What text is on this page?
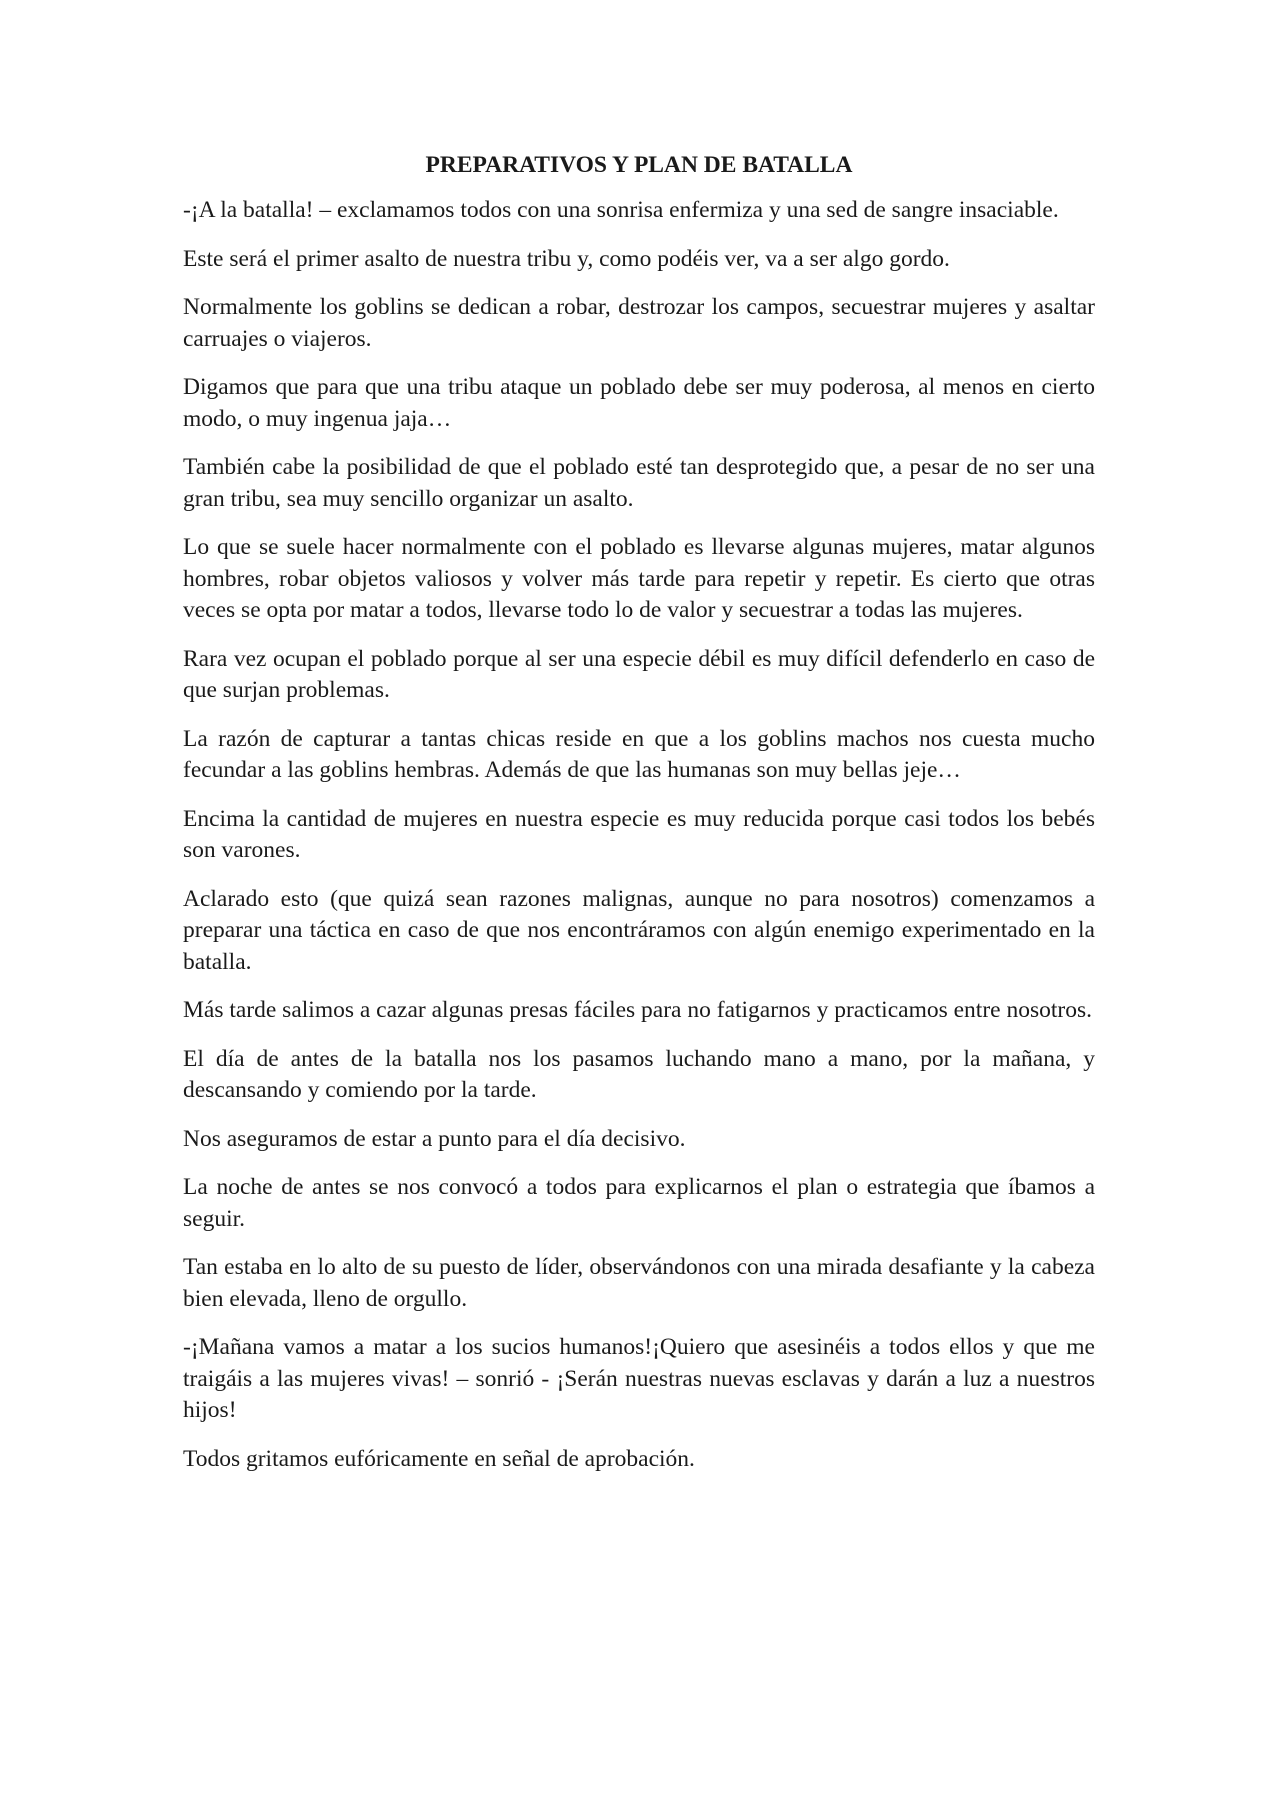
PREPARATIVOS Y PLAN DE BATALLA

-¡A la batalla! – exclamamos todos con una sonrisa enfermiza y una sed de sangre insaciable.

Este será el primer asalto de nuestra tribu y, como podéis ver, va a ser algo gordo.

Normalmente los goblins se dedican a robar, destrozar los campos, secuestrar mujeres y asaltar carruajes o viajeros.

Digamos que para que una tribu ataque un poblado debe ser muy poderosa, al menos en cierto modo, o muy ingenua jaja…

También cabe la posibilidad de que el poblado esté tan desprotegido que, a pesar de no ser una gran tribu, sea muy sencillo organizar un asalto.

Lo que se suele hacer normalmente con el poblado es llevarse algunas mujeres, matar algunos hombres, robar objetos valiosos y volver más tarde para repetir y repetir. Es cierto que otras veces se opta por matar a todos, llevarse todo lo de valor y secuestrar a todas las mujeres.

Rara vez ocupan el poblado porque al ser una especie débil es muy difícil defenderlo en caso de que surjan problemas.

La razón de capturar a tantas chicas reside en que a los goblins machos nos cuesta mucho fecundar a las goblins hembras. Además de que las humanas son muy bellas jeje…

Encima la cantidad de mujeres en nuestra especie es muy reducida porque casi todos los bebés son varones.

Aclarado esto (que quizá sean razones malignas, aunque no para nosotros) comenzamos a preparar una táctica en caso de que nos encontráramos con algún enemigo experimentado en la batalla.

Más tarde salimos a cazar algunas presas fáciles para no fatigarnos y practicamos entre nosotros.

El día de antes de la batalla nos los pasamos luchando mano a mano, por la mañana, y descansando y comiendo por la tarde.

Nos aseguramos de estar a punto para el día decisivo.

La noche de antes se nos convocó a todos para explicarnos el plan o estrategia que íbamos a seguir.

Tan estaba en lo alto de su puesto de líder, observándonos con una mirada desafiante y la cabeza bien elevada, lleno de orgullo.

-¡Mañana vamos a matar a los sucios humanos!¡Quiero que asesinéis a todos ellos y que me traigáis a las mujeres vivas! – sonrió - ¡Serán nuestras nuevas esclavas y darán a luz a nuestros hijos!

Todos gritamos eufóricamente en señal de aprobación.
